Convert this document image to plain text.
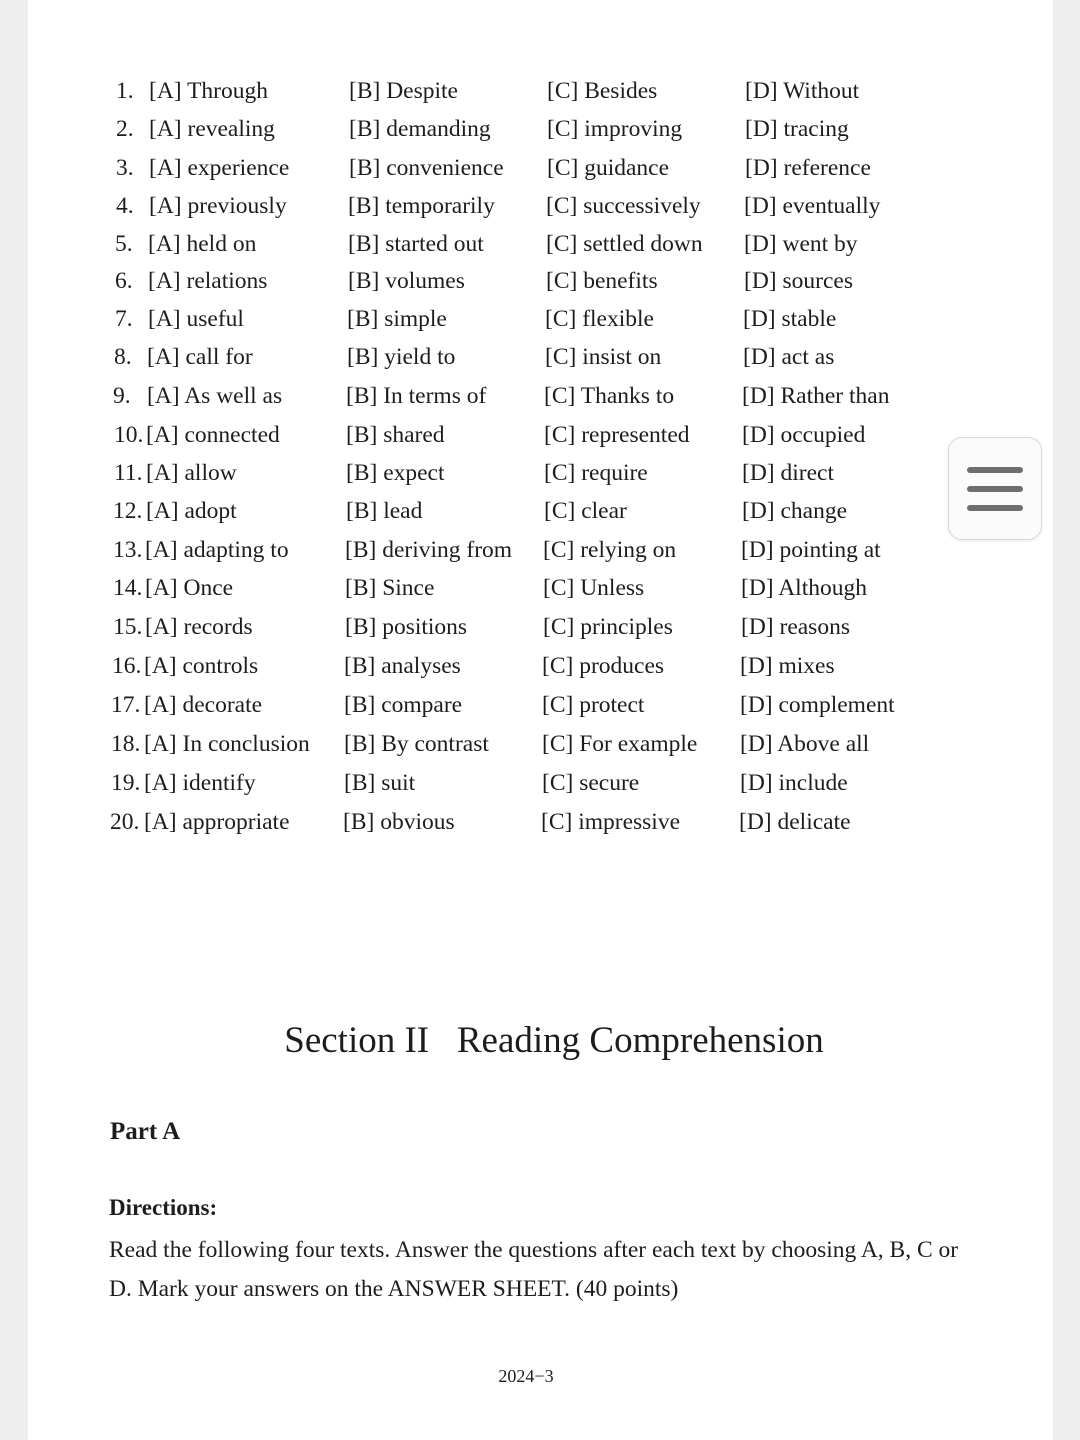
1. [A] Through	[B] Despite	[C] Besides	[D] Without
2. [A] revealing	[B] demanding [C] improving	[D] tracing
3. [A] experience	[B] convenience [C] guidance	[D] reference
4. [A] previously	[B] temporarily [C] successively [D] eventually
5. [A] held on	[B] started out	[C] settled down [D] went by
6. [A] relations	[B] volumes	[C] benefits	[D] sources
7. [A] useful	[B] simple	[C] flexible	[D] stable
8. [A] call for	[B] yield to	[C] insist on	[D] act as
9. [A] As well as	[B] In terms of [C] Thanks to	[D] Rather than
10. [A] connected	[B] shared	[C] represented [D] occupied
11. [A] allow	[B] expect	[C] require	[D] direct
12. [A] adopt	[B] lead	[C] clear	[D] change
13. [A] adapting to [B] deriving from [C] relying on	[D] pointing at
14. [A] Once	[B] Since	[C] Unless	[D] Although
15. [A] records	[B] positions	[C] principles	[D] reasons
16. [A] controls	[B] analyses	[C] produces	[D] mixes
17. [A] decorate	[B] compare	[C] protect	[D] complement
18. [A] In conclusion [B] By contrast [C] For example [D] Above all
19. [A] identify	[B] suit	[C] secure	[D] include
20. [A] appropriate [B] obvious	[C] impressive	[D] delicate
Section II   Reading Comprehension
Part A
Directions:
Read the following four texts. Answer the questions after each text by choosing A, B, C or D. Mark your answers on the ANSWER SHEET. (40 points)
2024−3
